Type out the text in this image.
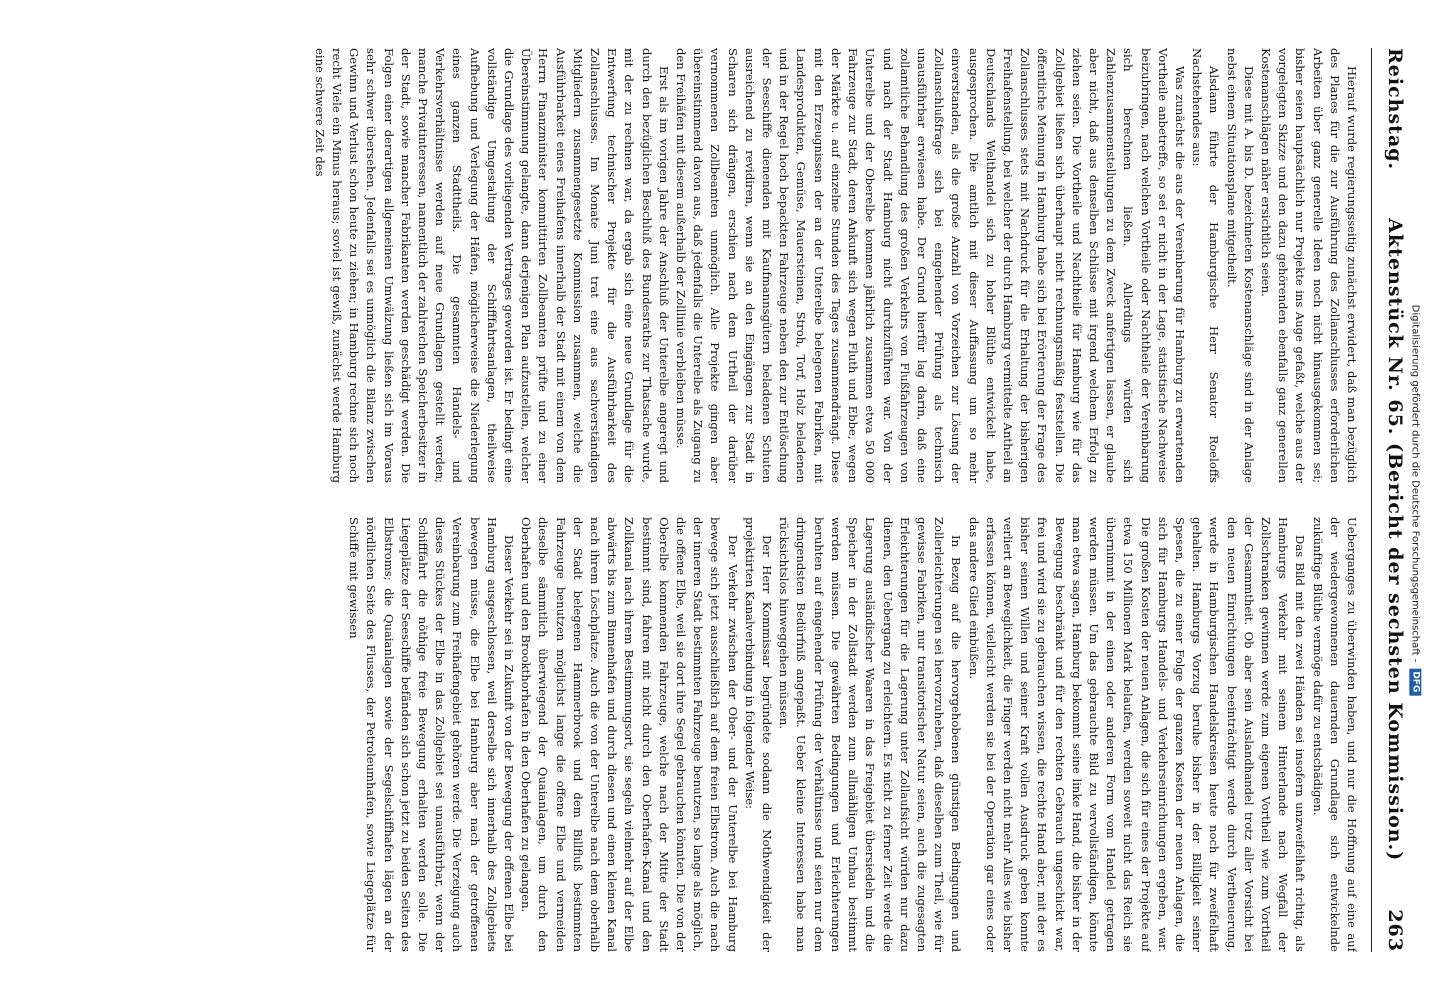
Reichstag.
Aktenstück Nr. 65. (Bericht der sechsten Kommission.)
263

Hierauf wurde regierungsseitig zunächst erwidert, daß man bezüglich des Planes für die zur Ausführung des Zollanschlusses erforderlichen Arbeiten über ganz generelle Ideen noch nicht hinausgekommen sei; bisher seien hauptsächlich nur Projekte ins Auge gefaßt, welche aus der vorgelegten Skizze und den dazu gehörenden ebenfalls ganz generellen Kostenanschlägen näher ersichtlich seien.

Diese mit A. bis D. bezeichneten Kostenanschläge sind in der Anlage nebst einem Situationsplane mitgetheilt.

Alsdann führte der Hamburgische Herr Senator Roeloffs Nachstehendes aus:

Was zunächst die aus der Vereinbarung für Hamburg zu erwartenden Vortheile anbetreffe, so sei er nicht in der Lage, statistische Nachweise beizubringen, nach welchen Vortheile oder Nachtheile der Vereinbarung sich berechnen ließen. Allerdings würden sich Zahlenzusammenstellungen zu dem Zweck anfertigen lassen, er glaube aber nicht, daß aus denselben Schlüsse mit irgend welchem Erfolg zu ziehen seien. Die Vortheile und Nachtheile für Hamburg wie für das Zollgebiet ließen sich überhaupt nicht rechnungsmäßig feststellen. Die öffentliche Meinung in Hamburg habe sich bei Erörterung der Frage des Zollanschlusses stets mit Nachdruck für die Erhaltung der bisherigen Freihafenstellung, bei welcher der durch Hamburg vermittelte Antheil an Deutschlands Welthandel sich zu hoher Blüthe entwickelt habe, ausgesprochen. Die amtlich mit dieser Auffassung um so mehr einverstanden, als die große Anzahl von Vorzeichen zur Lösung der Zollanschlußfrage sich bei eingehender Prüfung als technisch unausführbar erwiesen habe. Der Grund hierfür lag darin, daß eine zollamtliche Behandlung des großen Verkehrs von Flußfahrzeugen von und nach der Stadt Hamburg nicht durchzuführen war. Von der Unterelbe und der Oberelbe kommen jährlich zusammen etwa 50 000 Fahrzeuge zur Stadt, deren Ankunft sich wegen Fluth und Ebbe, wegen der Märkte u. auf einzelne Stunden des Tages zusammendrängt. Diese mit den Erzeugnissen der an der Unterelbe belegenen Fabriken, mit Landesprodukten, Gemüse, Mauersteinen, Stroh, Torf, Holz beladenen und in der Regel hoch bepackten Fahrzeuge neben den zur Entlöschung der Seeschiffe dienenden mit Kaufmannsgütern beladenen Schuten ausreichend zu revidiren, wenn sie an den Eingängen zur Stadt in Scharen sich drängen, erschien nach dem Urtheil der darüber vernommenen Zollbeamten unmöglich. Alle Projekte gingen aber übereinstimmend davon aus, daß jedenfalls die Unterelbe als Zugang zu den Freihäfen mit diesem außerhalb der Zolllinie verbleiben müsse.

Erst als im vorigen Jahre der Anschluß der Unterelbe angeregt und durch den bezüglichen Beschluß des Bundesraths zur Thatsache wurde, mit der zu rechnen war, da ergab sich eine neue Grundlage für die Entwerfung technischer Projekte für die Ausführbarkeit des Zollanschlusses. Im Monate Juni trat eine aus sachverständigen Mitgliedern zusammengesetzte Kommission zusammen, welche die Ausführbarkeit eines Freihafens innerhalb der Stadt mit einem von dem Herrn Finanzminister kommittirten Zollbeamten prüfte und zu einer Übereinstimmung gelangte, dann derjenigen Plan aufzustellen, welcher die Grundlage des vorliegenden Vertrages geworden ist. Er bedingt eine vollständige Umgestaltung der Schifffahrtsanlagen, theilweise Aufhebung und Verlegung der Häfen, möglicherweise die Niederlegung eines ganzen Stadttheils. Die gesammten Handels- und Verkehrsverhältnisse werden auf neue Grundlagen gestellt werden; manche Privatinteressen, namentlich der zahlreichen Speicherbesitzer in der Stadt, sowie mancher Fabrikanten werden geschädigt werden. Die Folgen einer derartigen allgemeinen Umwälzung ließen sich im Voraus sehr schwer übersehen. Jedenfalls sei es unmöglich die Bilanz zwischen Gewinn und Verlust schon heute zu ziehen; in Hamburg rechne sich noch recht Viele ein Minus heraus; soviel ist gewiß, zunächst werde Hamburg eine schwere Zeit des

Ueberganges zu überwinden haben, und nur die Hoffnung auf eine auf der wiedergewonnenen dauernden Grundlage sich entwickelnde zukünftige Blüthe vermöge dafür zu entschädigen.

Das Bild mit den zwei Händen sei insofern unzweifelhaft richtig, als Hamburgs Verkehr mit seinem Hinterlande nach Wegfall der Zollschranken gewinnen werde zum eigenen Vortheil wie zum Vortheil der Gesammtheit. Ob aber sein Auslandhandel trotz aller Vorsicht bei den neuen Einrichtungen beeinträchtigt werde durch Vertheuerung, werde in Hamburgischen Handelskreisen heute noch für zweifelhaft gehalten. Hamburgs Vorzug beruhe bisher in der Billigkeit seiner Spesen, die zu einer Folge der ganzen Kosten der neuen Anlagen, die sich für Hamburgs Handels- und Verkehrseinrichtungen ergeben, war. Die großen Kosten der neuen Anlagen, die sich für eines der Projekte auf etwa 150 Millionen Mark belaufen, werden soweit nicht das Reich sie übernimmt in der einen oder anderen Form vom Handel getragen werden müssen. Um das gebrauchte Bild zu vervollständigen, könnte man etwa sagen, Hamburg bekommt seine linke Hand, die bisher in der Bewegung beschränkt und für den rechten Gebrauch ungeschickt war, frei und wird sie zu gebrauchen wissen, die rechte Hand aber, mit der es bisher seinen Willen und seiner Kraft vollen Ausdruck geben konnte verliert an Beweglichkeit, die Finger werden nicht mehr Alles wie bisher erfassen können, vielleicht werden sie bei der Operation gar eines oder das andere Glied einbüßen.

In Bezug auf die hervorgehobenen günstigen Bedingungen und Zollerleichterungen sei hervorzuheben, daß dieselben zum Theil, wie für gewisse Fabriken, nur transitorischer Natur seien, auch die zugesagten Erleichterungen für die Lagerung unter Zollaufsicht würden nur dazu dienen, den Uebergang zu erleichtern. Es nicht zu ferner Zeit werde die Lagerung ausländischer Waaren in das Freigebiet übersiedeln und die Speicher in der Zollstadt werden zum allmähligen Umbau bestimmt werden müssen. Die gewährten Bedingungen und Erleichterungen beruhten auf eingehender Prüfung der Verhältnisse und seien nur dem dringendsten Bedürfniß angepaßt. Ueber kleine Interessen habe man rücksichtslos hinweggehen müssen.

Der Herr Kommissar begründete sodann die Nothwendigkeit der projektirten Kanalverbindung in folgender Weise:

Der Verkehr zwischen der Ober- und der Unterelbe bei Hamburg bewege sich jetzt ausschließlich auf dem freien Elbstrom. Auch die nach der inneren Stadt bestimmten Fahrzeuge benutzen, so lange als möglich, die offene Elbe, weil sie dort ihre Segel gebrauchen könnten. Die von der Oberelbe kommenden Fahrzeuge, welche nach der Mitte der Stadt bestimmt sind, fahren mit nicht durch den Oberhafen-Kanal und den Zollkanal nach ihrem Bestimmungsort, sie segeln vielmehr auf der Elbe abwärts bis zum Binnenhafen und durch diesen und einen kleinen Kanal nach ihrem Löschplatze. Auch die von der Unterelbe nach dem oberhalb der Stadt belegenen Hammerbrook und dem Billfluß bestimmten Fahrzeuge benutzen möglichst lange die offene Elbe und vermeiden dieselbe sämmtlich überwiegend der Quaianlagen, um durch den Oberhafen und den Brookthorhafen in den Oberhafen zu gelangen.

Dieser Verkehr sei in Zukunft von der Bewegung der offenen Elbe bei Hamburg ausgeschlossen, weil derselbe sich innerhalb des Zollgebiets bewegen müsse, die Elbe bei Hamburg aber nach der getroffenen Vereinbarung zum Freihafengebiet gehören werde. Die Verzeigung auch dieses Stückes der Elbe in das Zollgebiet sei unausführbar, wenn der Schifffahrt die nöthige freie Bewegung erhalten werden solle. Die Liegeplätze der Seeschiffe befänden sich schon jetzt zu beiden Seiten des Elbstroms; die Quaianlagen sowie der Segelschiffhafen lägen an der nördlichen Seite des Flusses, der Petroleumhafen, sowie Liegeplätze für Schiffe mit gewissen	Digitalisierung gefördert durch die Deutsche Forschungsgemeinschaft -
DFG
